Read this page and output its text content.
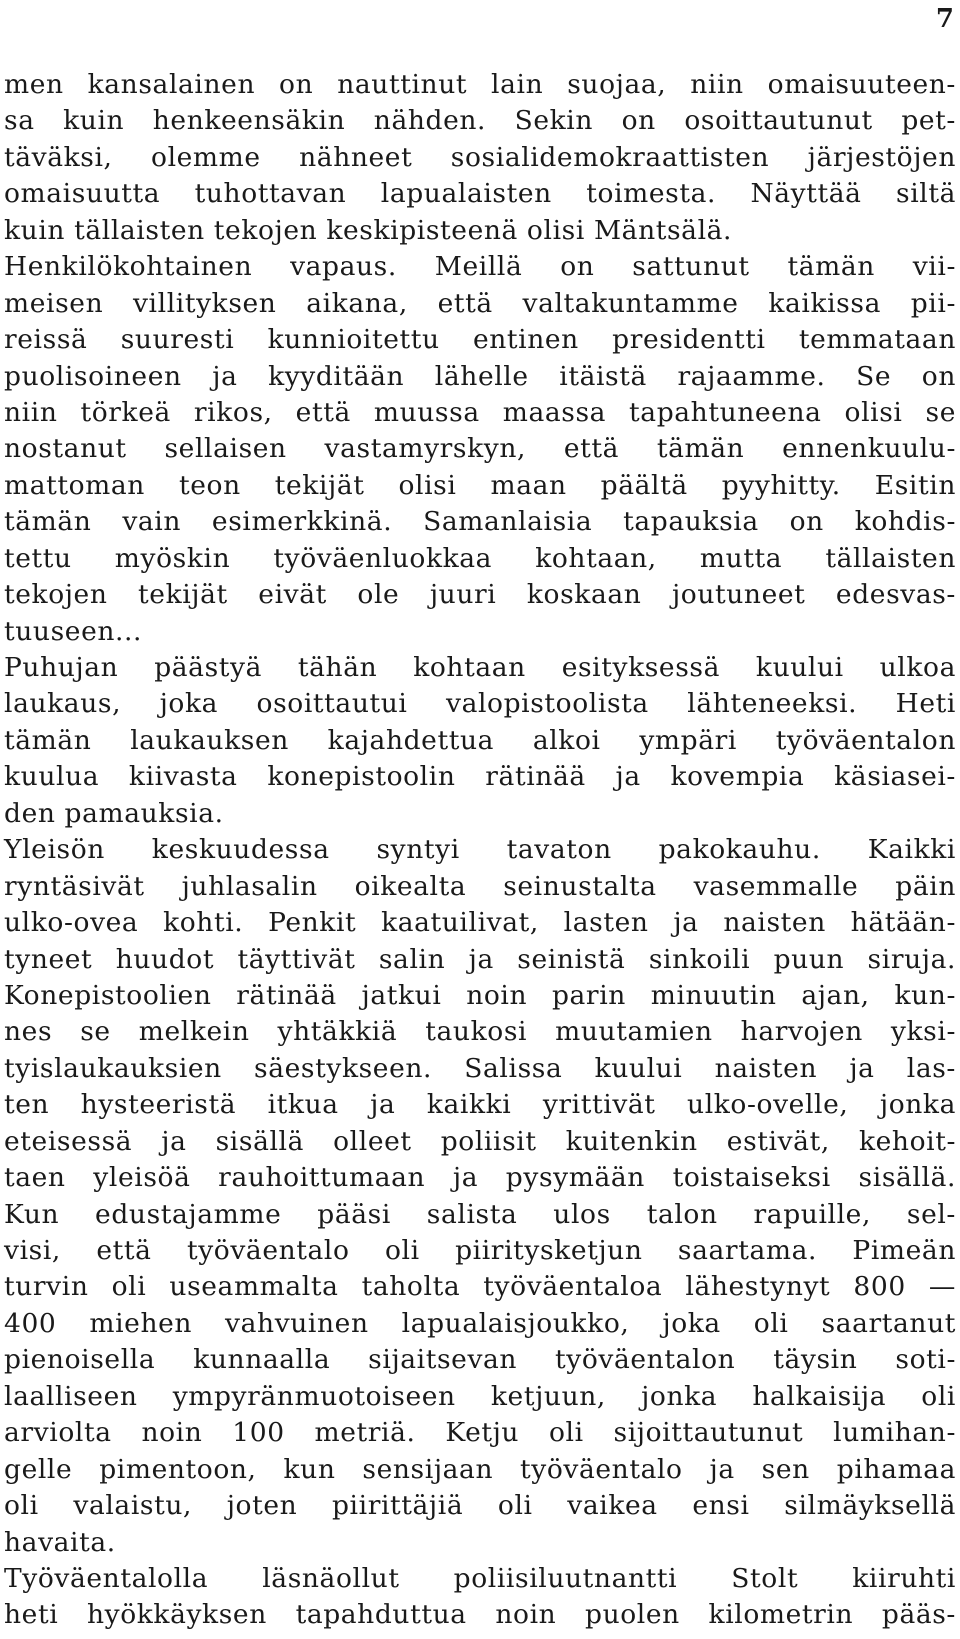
7
men kansalainen on nauttinut lain suojaa, niin omaisuuteen-
sa kuin henkeensäkin nähden. Sekin on osoittautunut pet-
täväksi, olemme nähneet sosialidemokraattisten järjestöjen
omaisuutta tuhottavan lapualaisten toimesta. Näyttää siltä
kuin tällaisten tekojen keskipisteenä olisi Mäntsälä.
Henkilökohtainen vapaus. Meillä on sattunut tämän vii-
meisen villityksen aikana, että valtakuntamme kaikissa pii-
reissä suuresti kunnioitettu entinen presidentti temmataan
puolisoineen ja kyyditään lähelle itäistä rajaamme. Se on
niin törkeä rikos, että muussa maassa tapahtuneena olisi se
nostanut sellaisen vastamyrskyn, että tämän ennenkuulu-
mattoman teon tekijät olisi maan päältä pyyhitty. Esitin
tämän vain esimerkkinä. Samanlaisia tapauksia on kohdis-
tettu myöskin työväenluokkaa kohtaan, mutta tällaisten
tekojen tekijät eivät ole juuri koskaan joutuneet edesvas-
tuuseen...
Puhujan päästyä tähän kohtaan esityksessä kuului ulkoa
laukaus, joka osoittautui valopistoolista lähteneeksi. Heti
tämän laukauksen kajahdettua alkoi ympäri työväentalon
kuulua kiivasta konepistoolin rätinää ja kovempia käsiasei-
den pamauksia.
Yleisön keskuudessa syntyi tavaton pakokauhu. Kaikki
ryntäsivät juhlasalin oikealta seinustalta vasemmalle päin
ulko-ovea kohti. Penkit kaatuilivat, lasten ja naisten hätään-
tyneet huudot täyttivät salin ja seinistä sinkoili puun siruja.
Konepistoolien rätinää jatkui noin parin minuutin ajan, kun-
nes se melkein yhtäkkiä taukosi muutamien harvojen yksi-
tyislaukauksien säestykseen. Salissa kuului naisten ja las-
ten hysteeristä itkua ja kaikki yrittivät ulko-ovelle, jonka
eteisessä ja sisällä olleet poliisit kuitenkin estivät, kehoit-
taen yleisöä rauhoittumaan ja pysymään toistaiseksi sisällä.
Kun edustajamme pääsi salista ulos talon rapuille, sel-
visi, että työväentalo oli piiritysketjun saartama. Pimeän
turvin oli useammalta taholta työväentaloa lähestynyt 800 —
400 miehen vahvuinen lapualaisjoukko, joka oli saartanut
pienoisella kunnaalla sijaitsevan työväentalon täysin soti-
laalliseen ympyränmuotoiseen ketjuun, jonka halkaisija oli
arviolta noin 100 metriä. Ketju oli sijoittautunut lumihan-
gelle pimentoon, kun sensijaan työväentalo ja sen pihamaa
oli valaistu, joten piirittäjiä oli vaikea ensi silmäyksellä
havaita.
Työväentalolla läsnäollut poliisiluutnantti Stolt kiiruhti
heti hyökkäyksen tapahduttua noin puolen kilometrin pääs-
